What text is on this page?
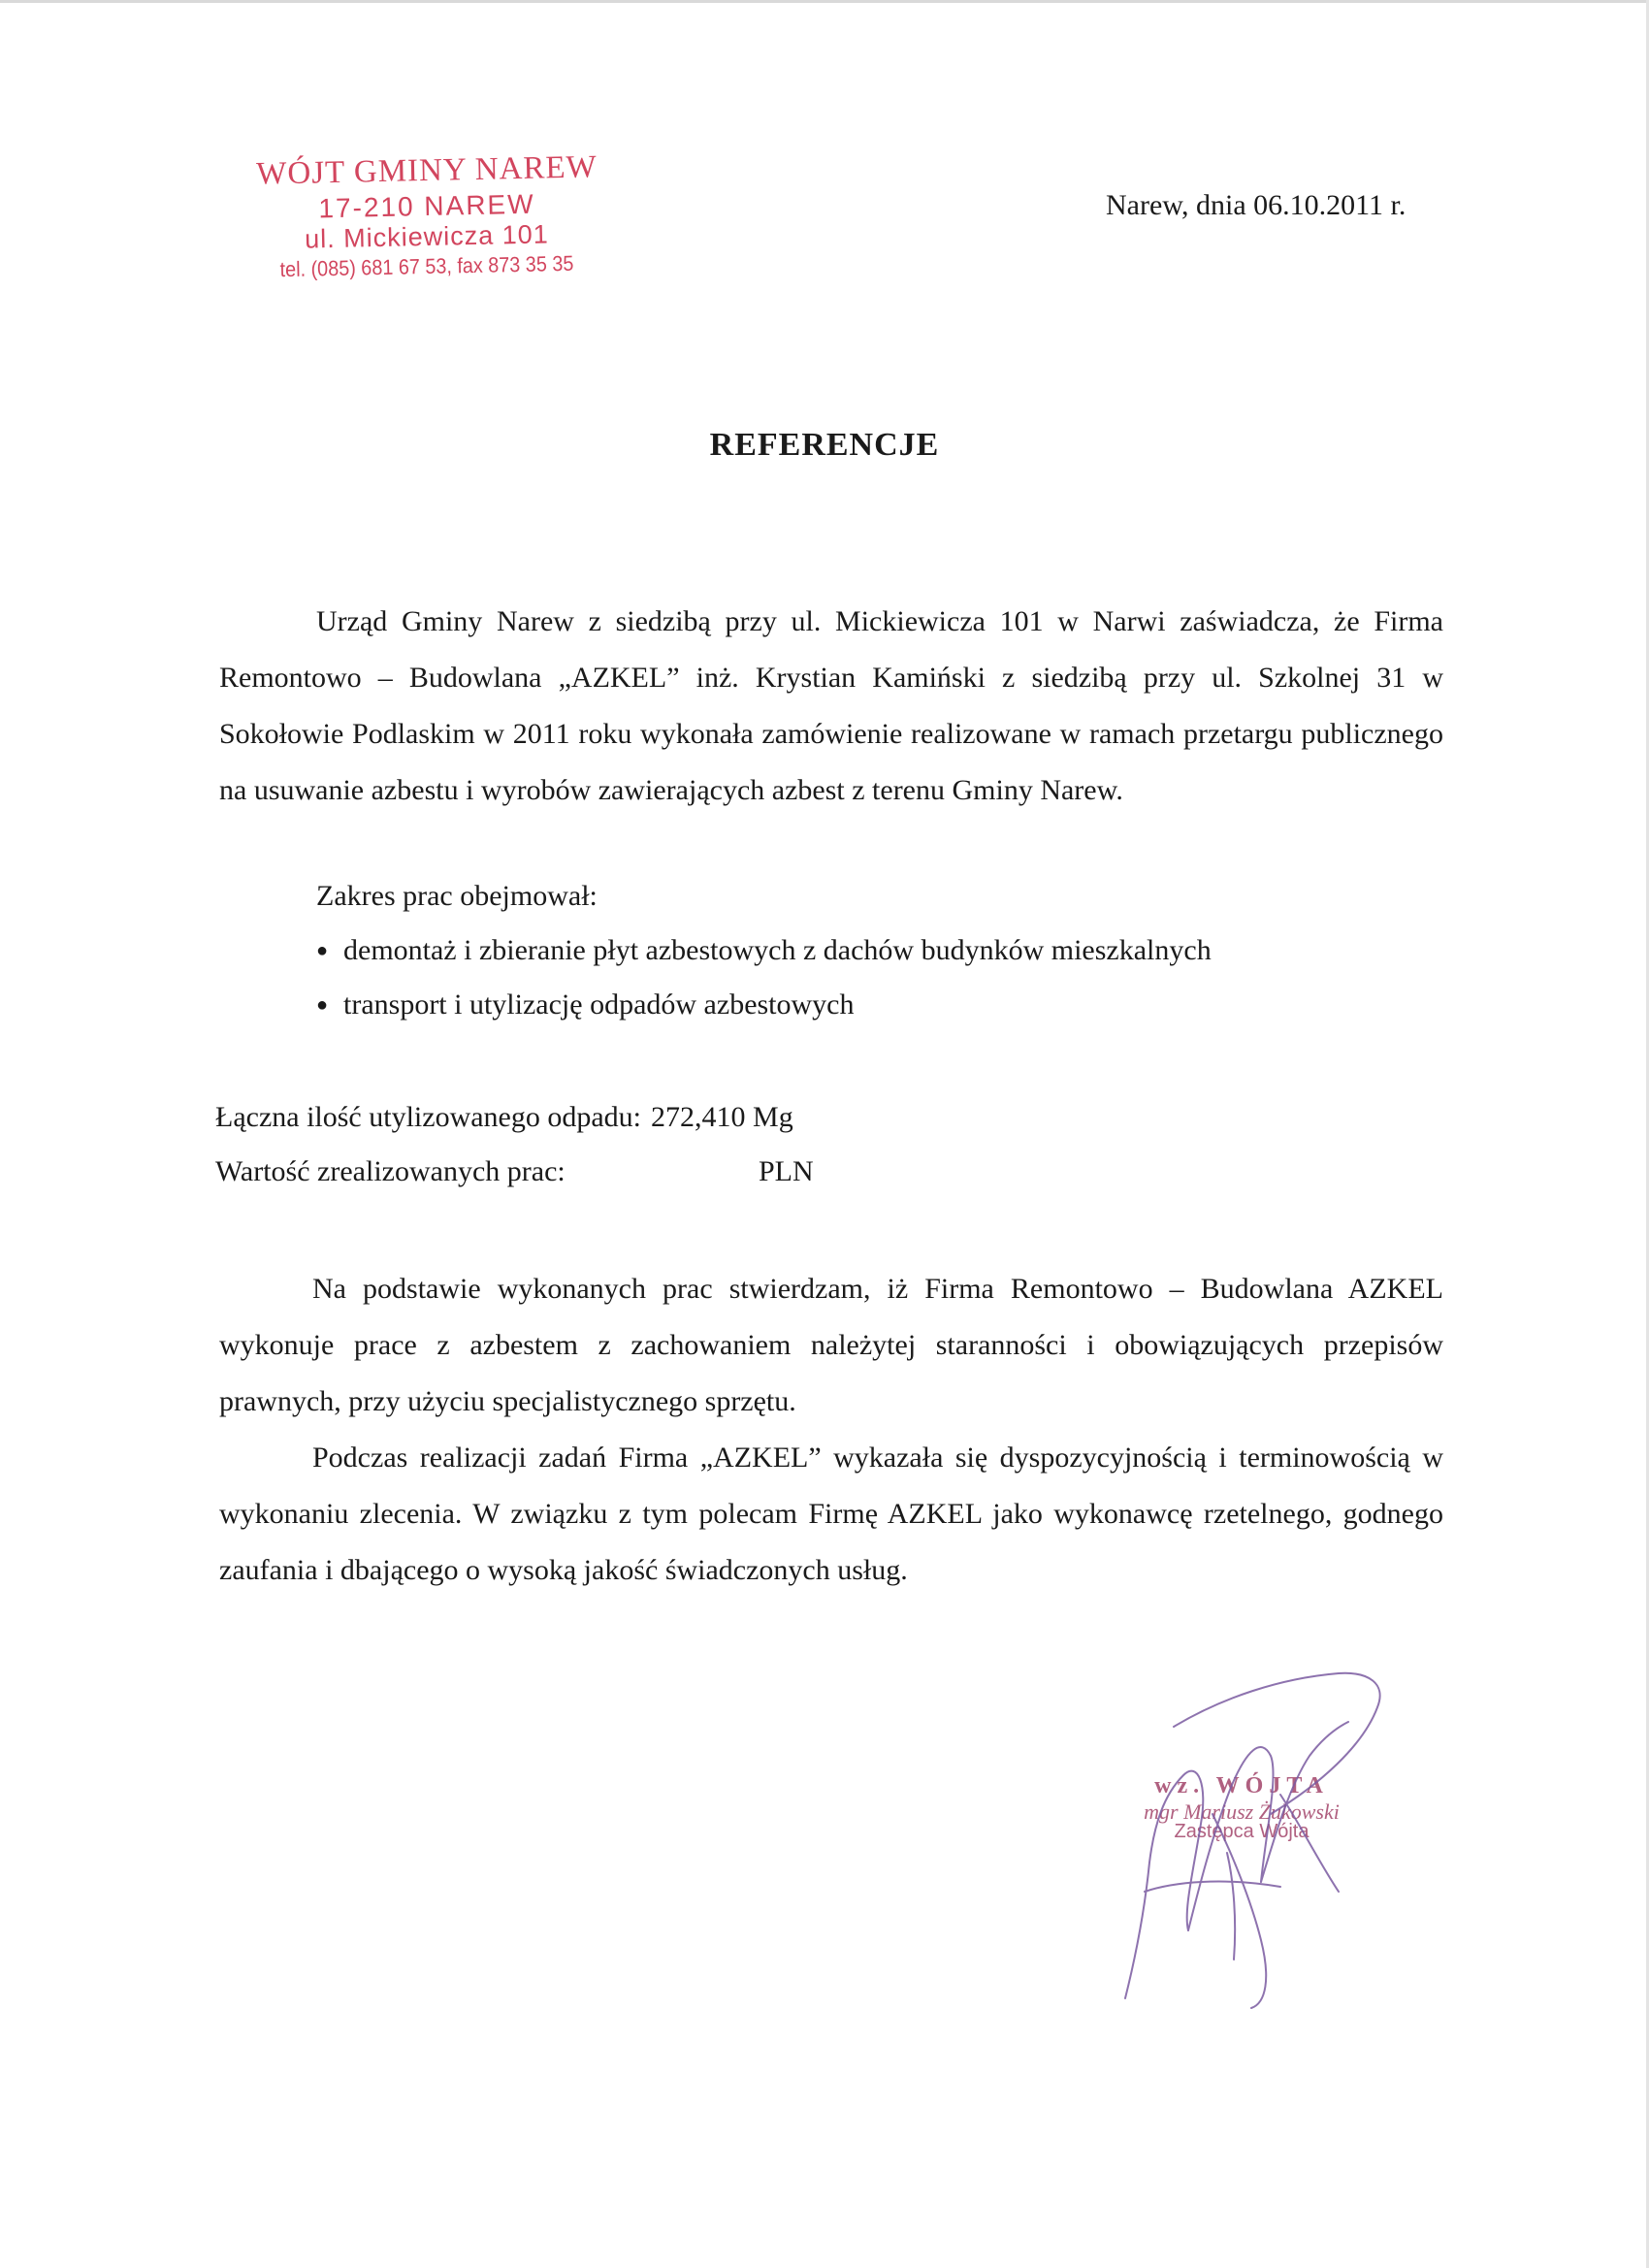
WÓJT GMINY NAREW
17-210 NAREW
ul. Mickiewicza 101
tel. (085) 681 67 53, fax 873 35 35
Narew, dnia 06.10.2011 r.
REFERENCJE
Urząd Gminy Narew z siedzibą przy ul. Mickiewicza 101 w Narwi zaświadcza, że Firma Remontowo – Budowlana „AZKEL” inż. Krystian Kamiński z siedzibą przy ul. Szkolnej 31 w Sokołowie Podlaskim w 2011 roku wykonała zamówienie realizowane w ramach przetargu publicznego na usuwanie azbestu i wyrobów zawierających azbest z terenu Gminy Narew.
Zakres prac obejmował:
● demontaż i zbieranie płyt azbestowych z dachów budynków mieszkalnych
● transport i utylizację odpadów azbestowych
Łączna ilość utylizowanego odpadu: 272,410 Mg
Wartość zrealizowanych prac:	PLN
Na podstawie wykonanych prac stwierdzam, iż Firma Remontowo – Budowlana AZKEL wykonuje prace z azbestem z zachowaniem należytej staranności i obowiązujących przepisów prawnych, przy użyciu specjalistycznego sprzętu.
Podczas realizacji zadań Firma „AZKEL” wykazała się dyspozycyjnością i terminowością w wykonaniu zlecenia. W związku z tym polecam Firmę AZKEL jako wykonawcę rzetelnego, godnego zaufania i dbającego o wysoką jakość świadczonych usług.
wz. WÓJTA
mgr Mariusz Żukowski
Zastępca Wójta
